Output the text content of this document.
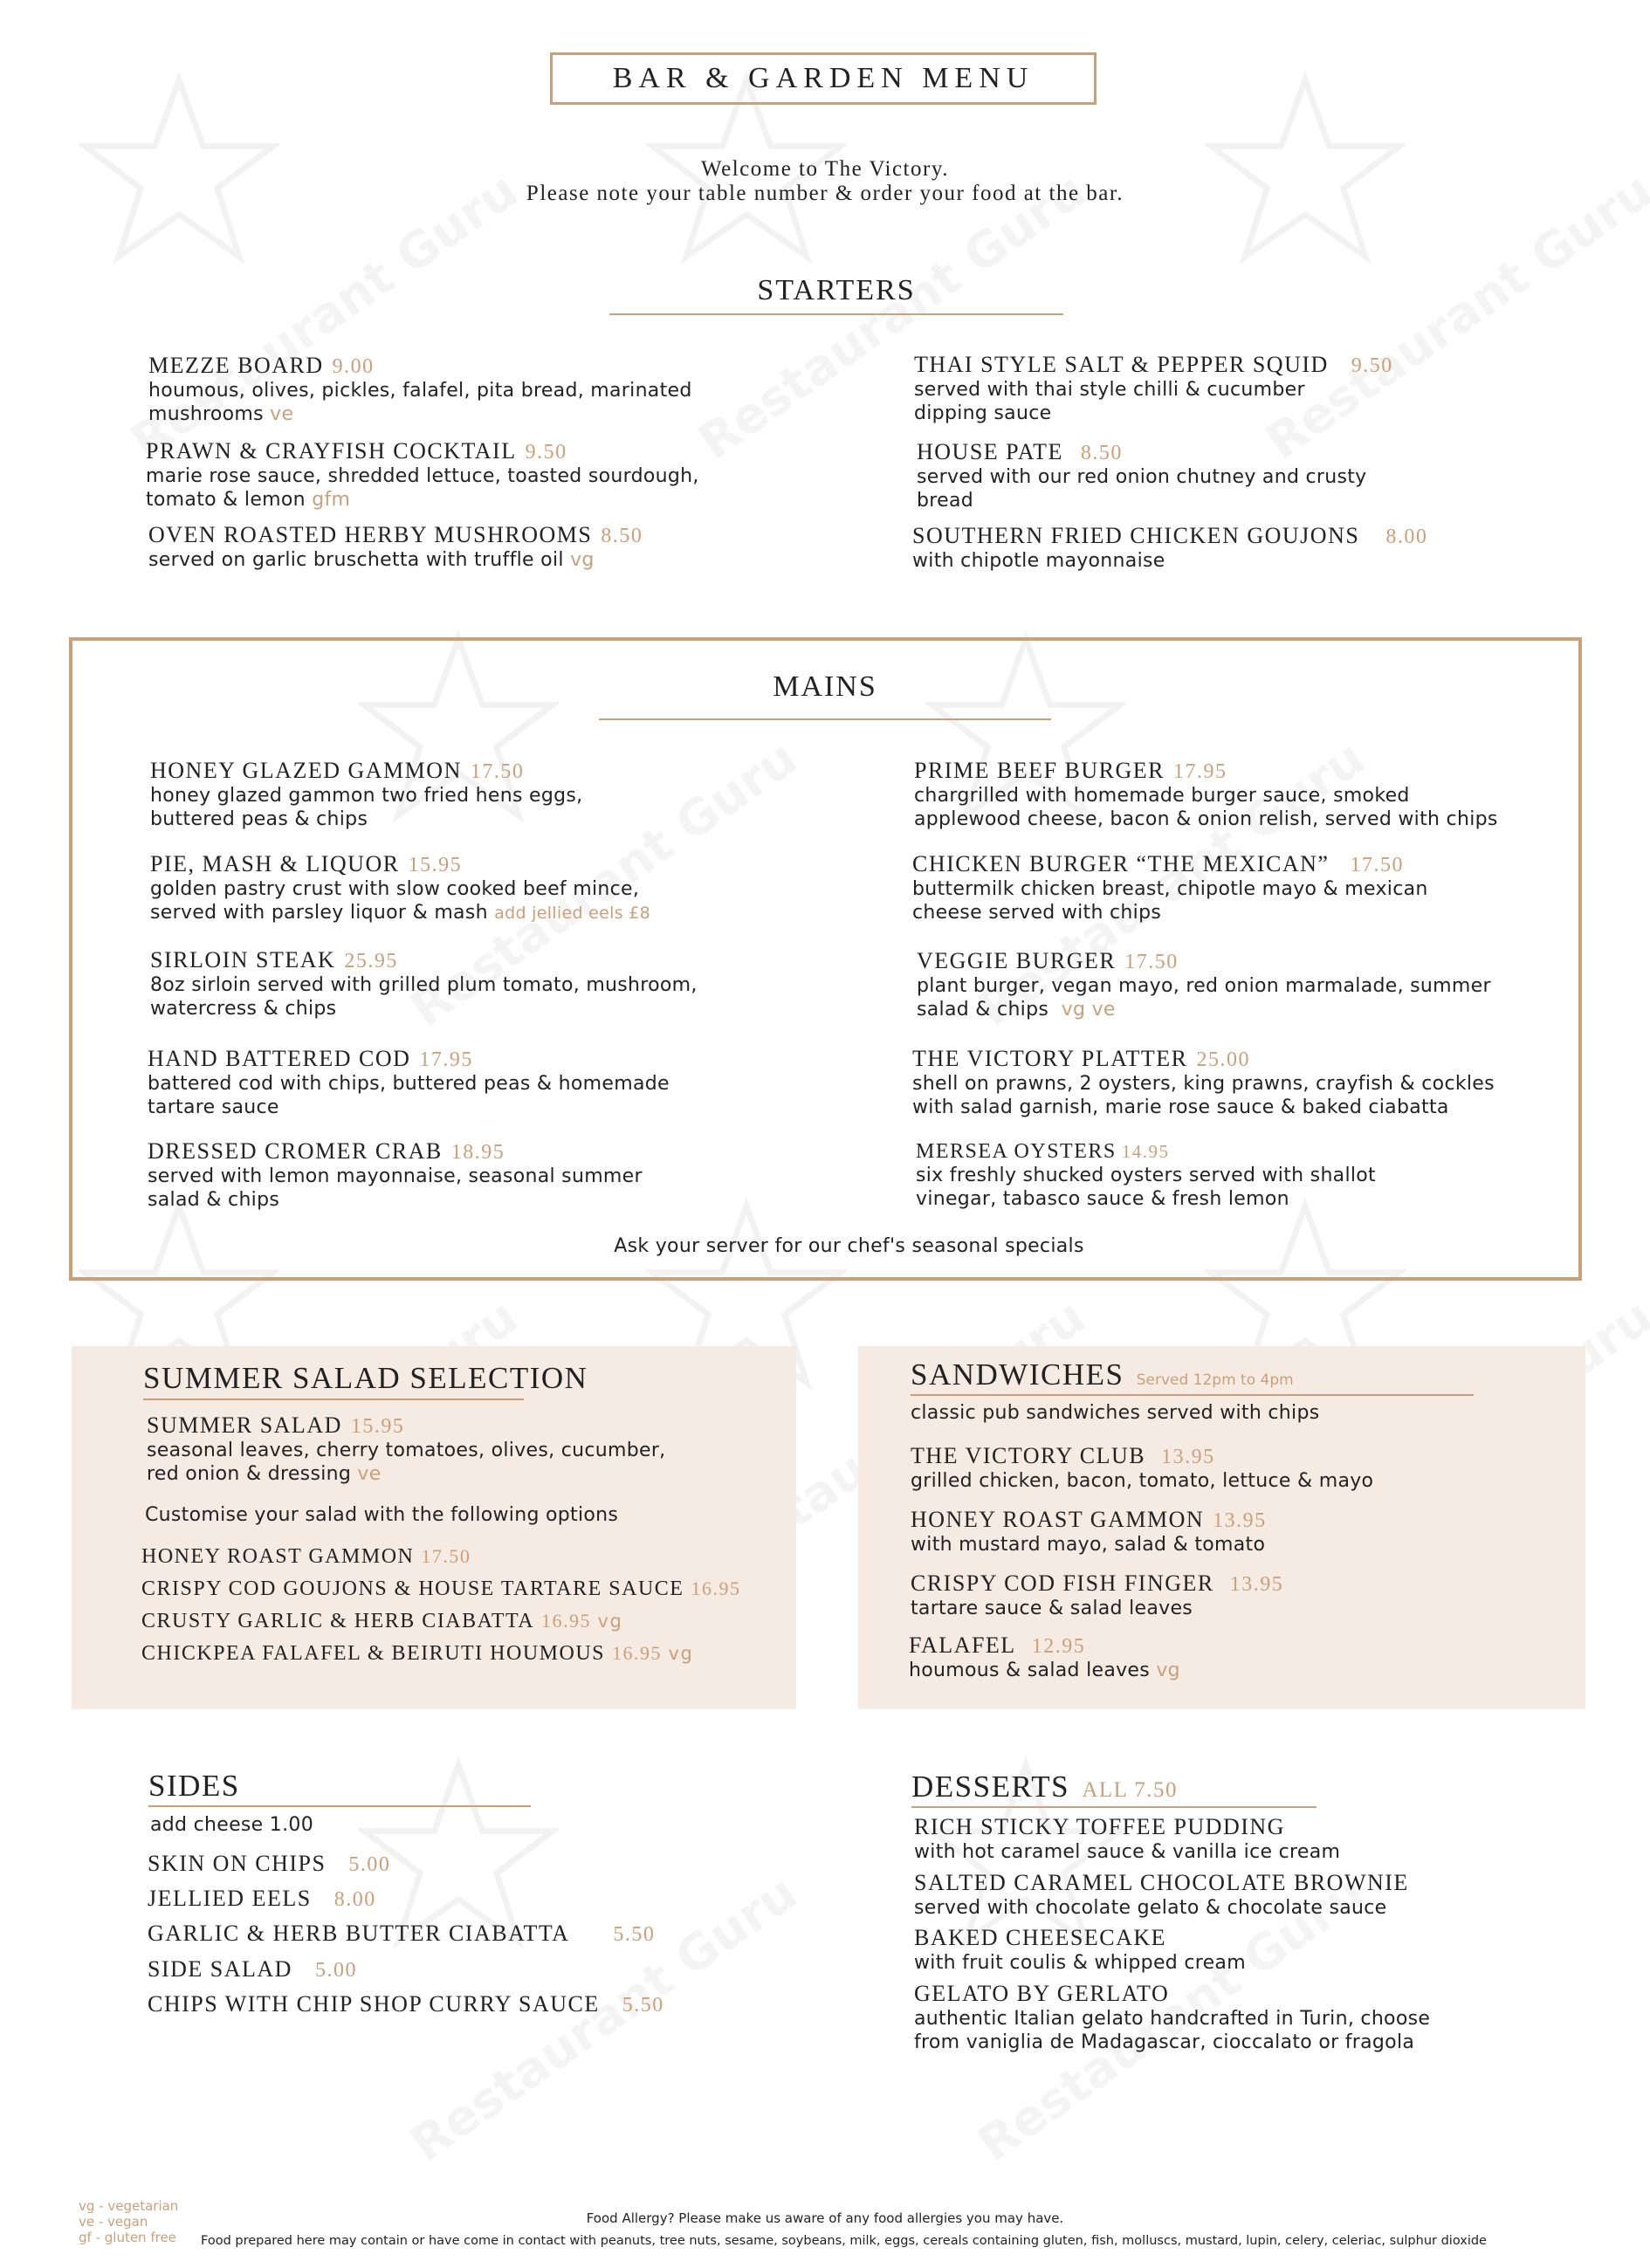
BAR & GARDEN MENU
Welcome to The Victory.
Please note your table number & order your food at the bar.
STARTERS
MEZZE BOARD 9.00
houmous, olives, pickles, falafel, pita bread, marinated
mushrooms ve
PRAWN & CRAYFISH COCKTAIL 9.50
marie rose sauce, shredded lettuce, toasted sourdough,
tomato & lemon gfm
OVEN ROASTED HERBY MUSHROOMS 8.50
served on garlic bruschetta with truffle oil vg
THAI STYLE SALT & PEPPER SQUID 9.50
served with thai style chilli & cucumber
dipping sauce
HOUSE PATE 8.50
served with our red onion chutney and crusty
bread
SOUTHERN FRIED CHICKEN GOUJONS 8.00
with chipotle mayonnaise
MAINS
HONEY GLAZED GAMMON 17.50
honey glazed gammon two fried hens eggs,
buttered peas & chips
PIE, MASH & LIQUOR 15.95
golden pastry crust with slow cooked beef mince,
served with parsley liquor & mash add jellied eels £8
SIRLOIN STEAK 25.95
8oz sirloin served with grilled plum tomato, mushroom,
watercress & chips
HAND BATTERED COD 17.95
battered cod with chips, buttered peas & homemade
tartare sauce
DRESSED CROMER CRAB 18.95
served with lemon mayonnaise, seasonal summer
salad & chips
PRIME BEEF BURGER 17.95
chargrilled with homemade burger sauce, smoked
applewood cheese, bacon & onion relish, served with chips
CHICKEN BURGER “THE MEXICAN” 17.50
buttermilk chicken breast, chipotle mayo & mexican
cheese served with chips
VEGGIE BURGER 17.50
plant burger, vegan mayo, red onion marmalade, summer
salad & chips vg ve
THE VICTORY PLATTER 25.00
shell on prawns, 2 oysters, king prawns, crayfish & cockles
with salad garnish, marie rose sauce & baked ciabatta
MERSEA OYSTERS 14.95
six freshly shucked oysters served with shallot
vinegar, tabasco sauce & fresh lemon
Ask your server for our chef's seasonal specials
SUMMER SALAD SELECTION
SUMMER SALAD 15.95
seasonal leaves, cherry tomatoes, olives, cucumber,
red onion & dressing ve
Customise your salad with the following options
HONEY ROAST GAMMON 17.50
CRISPY COD GOUJONS & HOUSE TARTARE SAUCE 16.95
CRUSTY GARLIC & HERB CIABATTA 16.95 vg
CHICKPEA FALAFEL & BEIRUTI HOUMOUS 16.95 vg
SANDWICHES Served 12pm to 4pm
classic pub sandwiches served with chips
THE VICTORY CLUB 13.95
grilled chicken, bacon, tomato, lettuce & mayo
HONEY ROAST GAMMON 13.95
with mustard mayo, salad & tomato
CRISPY COD FISH FINGER 13.95
tartare sauce & salad leaves
FALAFEL 12.95
houmous & salad leaves vg
SIDES
add cheese 1.00
SKIN ON CHIPS 5.00
JELLIED EELS 8.00
GARLIC & HERB BUTTER CIABATTA 5.50
SIDE SALAD 5.00
CHIPS WITH CHIP SHOP CURRY SAUCE 5.50
DESSERTS ALL 7.50
RICH STICKY TOFFEE PUDDING
with hot caramel sauce & vanilla ice cream
SALTED CARAMEL CHOCOLATE BROWNIE
served with chocolate gelato & chocolate sauce
BAKED CHEESECAKE
with fruit coulis & whipped cream
GELATO BY GERLATO
authentic Italian gelato handcrafted in Turin, choose
from vaniglia de Madagascar, cioccalato or fragola
vg - vegetarian
ve - vegan
gf - gluten free
Food Allergy? Please make us aware of any food allergies you may have.
Food prepared here may contain or have come in contact with peanuts, tree nuts, sesame, soybeans, milk, eggs, cereals containing gluten, fish, molluscs, mustard, lupin, celery, celeriac, sulphur dioxide
